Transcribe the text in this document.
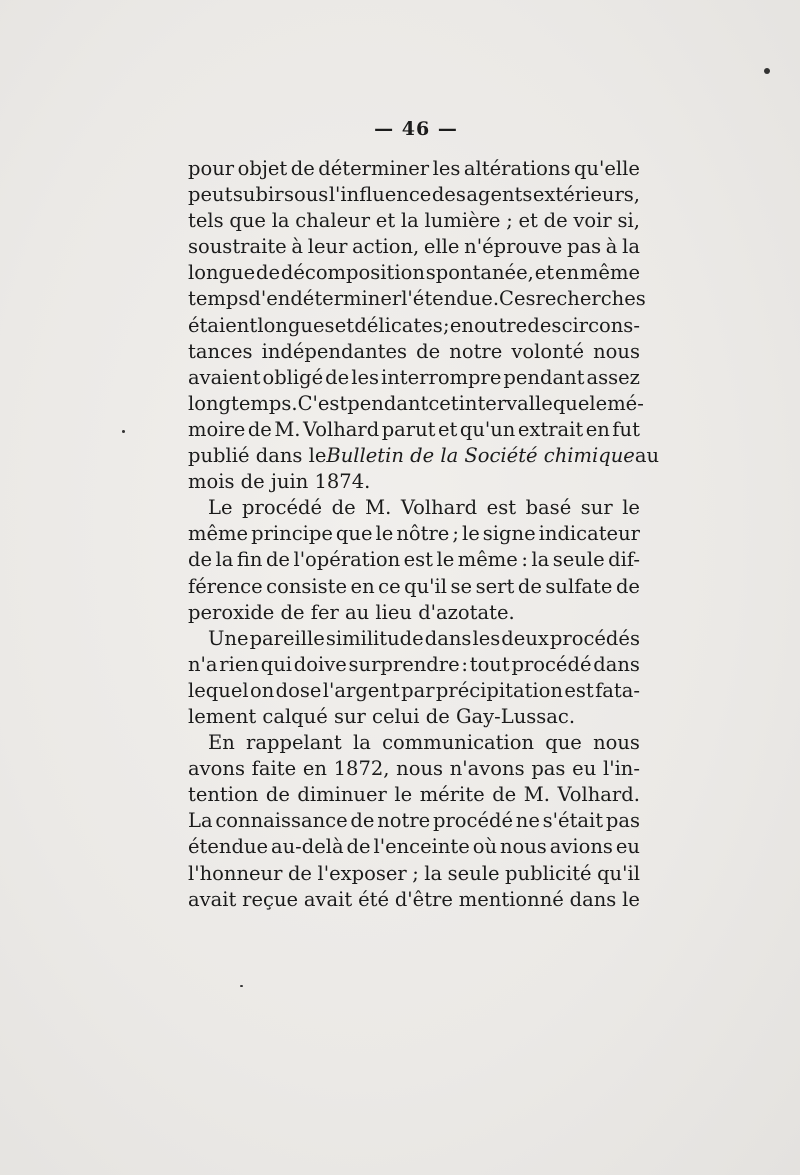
— 46 —
pour objet de déterminer les altérations qu'elle
peut subir sous l'influence des agents extérieurs,
tels que la chaleur et la lumière ; et de voir si,
soustraite à leur action, elle n'éprouve pas à la
longue de décomposition spontanée, et en même
temps d'en déterminer l'étendue. Ces recherches
étaient longues et délicates ; en outre des circons-
tances indépendantes de notre volonté nous
avaient obligé de les interrompre pendant assez
longtemps. C'est pendant cet intervalle que le mé-
moire de M. Volhard parut et qu'un extrait en fut
publié dans le Bulletin de la Société chimique au
mois de juin 1874.
Le procédé de M. Volhard est basé sur le
même principe que le nôtre ; le signe indicateur
de la fin de l'opération est le même : la seule dif-
férence consiste en ce qu'il se sert de sulfate de
peroxide de fer au lieu d'azotate.
Une pareille similitude dans les deux procédés
n'a rien qui doive surprendre : tout procédé dans
lequel on dose l'argent par précipitation est fata-
lement calqué sur celui de Gay-Lussac.
En rappelant la communication que nous
avons faite en 1872, nous n'avons pas eu l'in-
tention de diminuer le mérite de M. Volhard.
La connaissance de notre procédé ne s'était pas
étendue au-delà de l'enceinte où nous avions eu
l'honneur de l'exposer ; la seule publicité qu'il
avait reçue avait été d'être mentionné dans le
